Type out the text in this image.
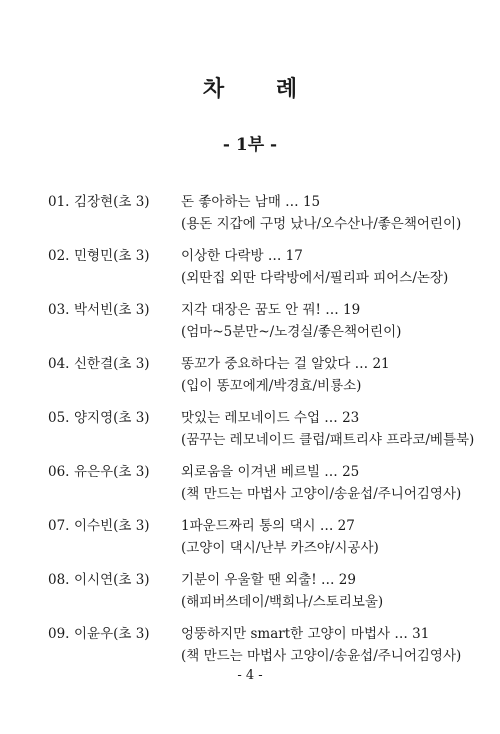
차 례
- 1부 -
01. 김장현(초 3)	돈 좋아하는 남매 … 15
(용돈 지갑에 구멍 났나/오수산나/좋은책어린이)
02. 민형민(초 3)	이상한 다락방 … 17
(외딴집 외딴 다락방에서/필리파 피어스/논장)
03. 박서빈(초 3)	지각 대장은 꿈도 안 꿔! … 19
(엄마~5분만~/노경실/좋은책어린이)
04. 신한결(초 3)	똥꼬가 중요하다는 걸 알았다 … 21
(입이 똥꼬에게/박경효/비룡소)
05. 양지영(초 3)	맛있는 레모네이드 수업 … 23
(꿈꾸는 레모네이드 클럽/패트리샤 프라코/베틀북)
06. 유은우(초 3)	외로움을 이겨낸 베르빌 … 25
(책 만드는 마법사 고양이/송윤섭/주니어김영사)
07. 이수빈(초 3)	1파운드짜리 통의 댁시 … 27
(고양이 댁시/난부 카즈야/시공사)
08. 이시연(초 3)	기분이 우울할 땐 외출! … 29
(해피버쓰데이/백희나/스토리보울)
09. 이윤우(초 3)	엉뚱하지만 smart한 고양이 마법사 … 31
(책 만드는 마법사 고양이/송윤섭/주니어김영사)
- 4 -
